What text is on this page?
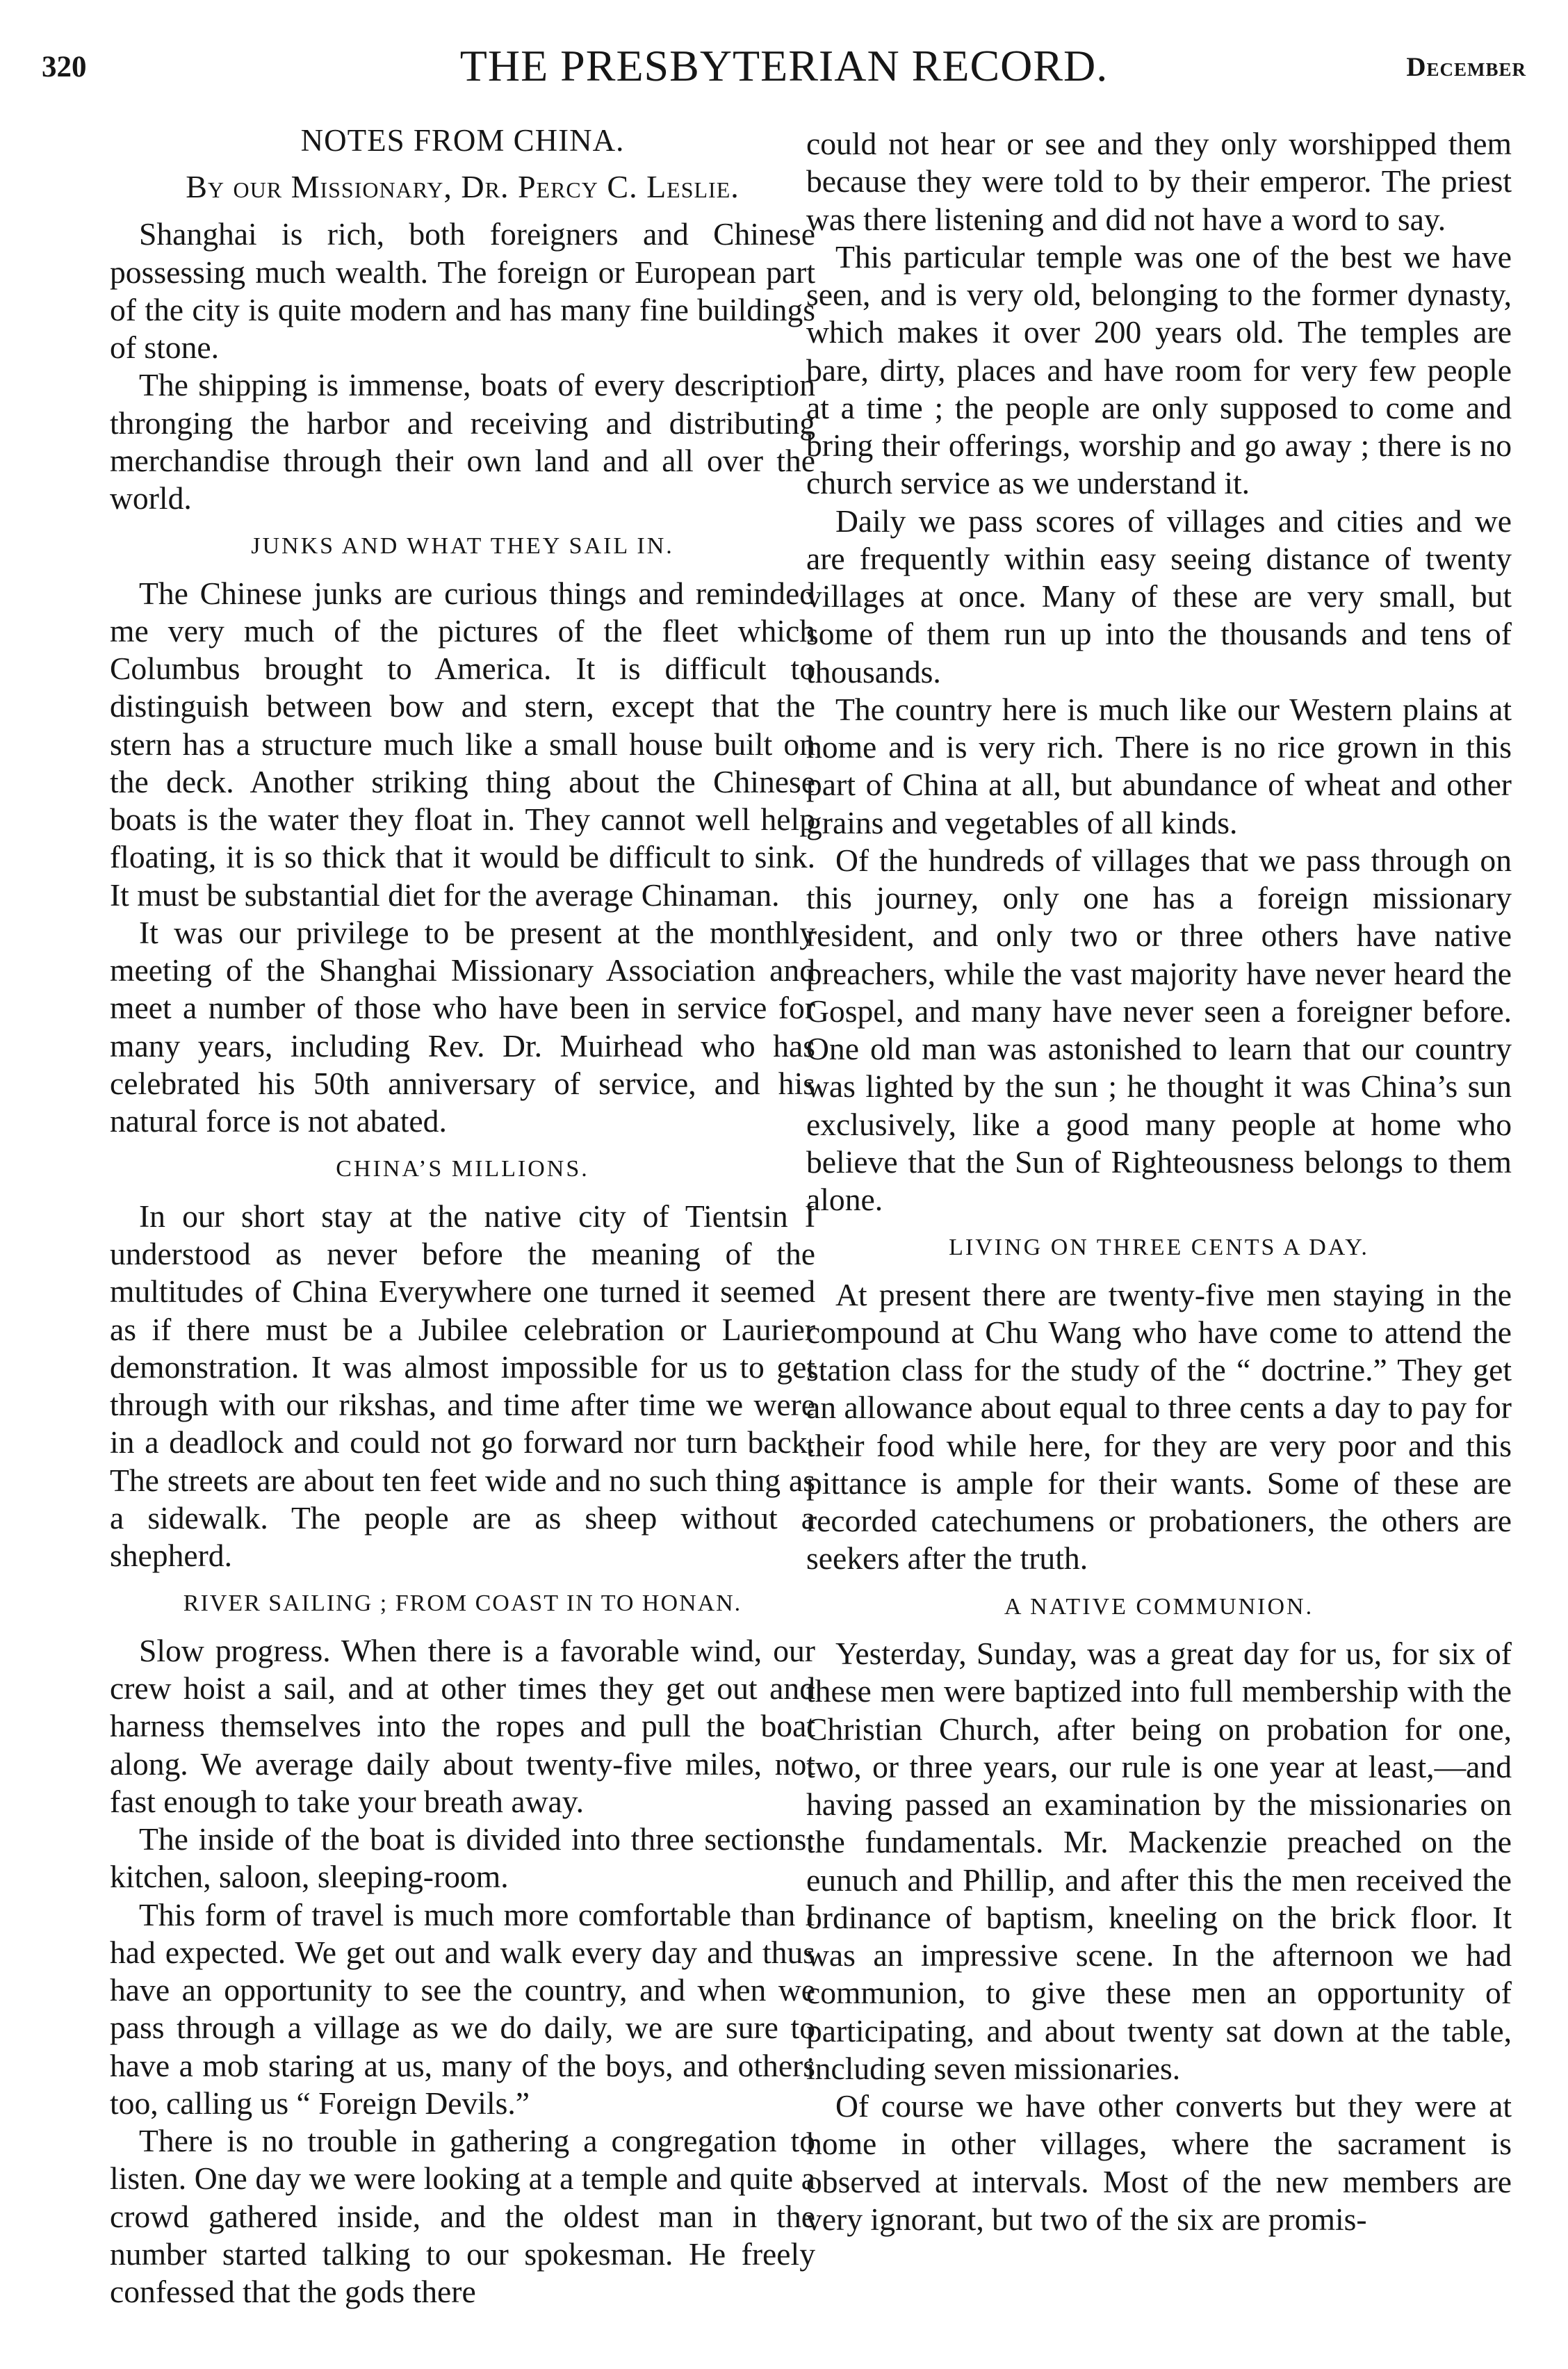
320	THE PRESBYTERIAN RECORD.	December
NOTES FROM CHINA.
By our Missionary, Dr. Percy C. Leslie.

Shanghai is rich, both foreigners and Chinese possessing much wealth. The foreign or European part of the city is quite modern and has many fine buildings of stone.

The shipping is immense, boats of every description thronging the harbor and receiving and distributing merchandise through their own land and all over the world.

JUNKS AND WHAT THEY SAIL IN.

The Chinese junks are curious things and reminded me very much of the pictures of the fleet which Columbus brought to America. It is difficult to distinguish between bow and stern, except that the stern has a structure much like a small house built on the deck. Another striking thing about the Chinese boats is the water they float in. They cannot well help floating, it is so thick that it would be difficult to sink. It must be substantial diet for the average Chinaman.

It was our privilege to be present at the monthly meeting of the Shanghai Missionary Association and meet a number of those who have been in service for many years, including Rev. Dr. Muirhead who has celebrated his 50th anniversary of service, and his natural force is not abated.

CHINA’S MILLIONS.

In our short stay at the native city of Tientsin I understood as never before the meaning of the multitudes of China Everywhere one turned it seemed as if there must be a Jubilee celebration or Laurier demonstration. It was almost impossible for us to get through with our rikshas, and time after time we were in a deadlock and could not go forward nor turn back. The streets are about ten feet wide and no such thing as a sidewalk. The people are as sheep without a shepherd.

RIVER SAILING ; FROM COAST IN TO HONAN.

Slow progress. When there is a favorable wind, our crew hoist a sail, and at other times they get out and harness themselves into the ropes and pull the boat along. We average daily about twenty-five miles, not fast enough to take your breath away.

The inside of the boat is divided into three sections: kitchen, saloon, sleeping-room.

This form of travel is much more comfortable than I had expected. We get out and walk every day and thus have an opportunity to see the country, and when we pass through a village as we do daily, we are sure to have a mob staring at us, many of the boys, and others too, calling us “ Foreign Devils.”

There is no trouble in gathering a congregation to listen. One day we were looking at a temple and quite a crowd gathered inside, and the oldest man in the number started talking to our spokesman. He freely confessed that the gods there

could not hear or see and they only worshipped them because they were told to by their emperor. The priest was there listening and did not have a word to say.

This particular temple was one of the best we have seen, and is very old, belonging to the former dynasty, which makes it over 200 years old. The temples are bare, dirty, places and have room for very few people at a time ; the people are only supposed to come and bring their offerings, worship and go away ; there is no church service as we understand it.

Daily we pass scores of villages and cities and we are frequently within easy seeing distance of twenty villages at once. Many of these are very small, but some of them run up into the thousands and tens of thousands.

The country here is much like our Western plains at home and is very rich. There is no rice grown in this part of China at all, but abundance of wheat and other grains and vegetables of all kinds.

Of the hundreds of villages that we pass through on this journey, only one has a foreign missionary resident, and only two or three others have native preachers, while the vast majority have never heard the Gospel, and many have never seen a foreigner before. One old man was astonished to learn that our country was lighted by the sun ; he thought it was China’s sun exclusively, like a good many people at home who believe that the Sun of Righteousness belongs to them alone.

LIVING ON THREE CENTS A DAY.

At present there are twenty-five men staying in the compound at Chu Wang who have come to attend the station class for the study of the “ doctrine.” They get an allowance about equal to three cents a day to pay for their food while here, for they are very poor and this pittance is ample for their wants. Some of these are recorded catechumens or probationers, the others are seekers after the truth.

A NATIVE COMMUNION.

Yesterday, Sunday, was a great day for us, for six of these men were baptized into full membership with the Christian Church, after being on probation for one, two, or three years, our rule is one year at least,—and having passed an examination by the missionaries on the fundamentals. Mr. Mackenzie preached on the eunuch and Phillip, and after this the men received the ordinance of baptism, kneeling on the brick floor. It was an impressive scene. In the afternoon we had communion, to give these men an opportunity of participating, and about twenty sat down at the table, including seven missionaries.

Of course we have other converts but they were at home in other villages, where the sacrament is observed at intervals. Most of the new members are very ignorant, but two of the six are promis-
